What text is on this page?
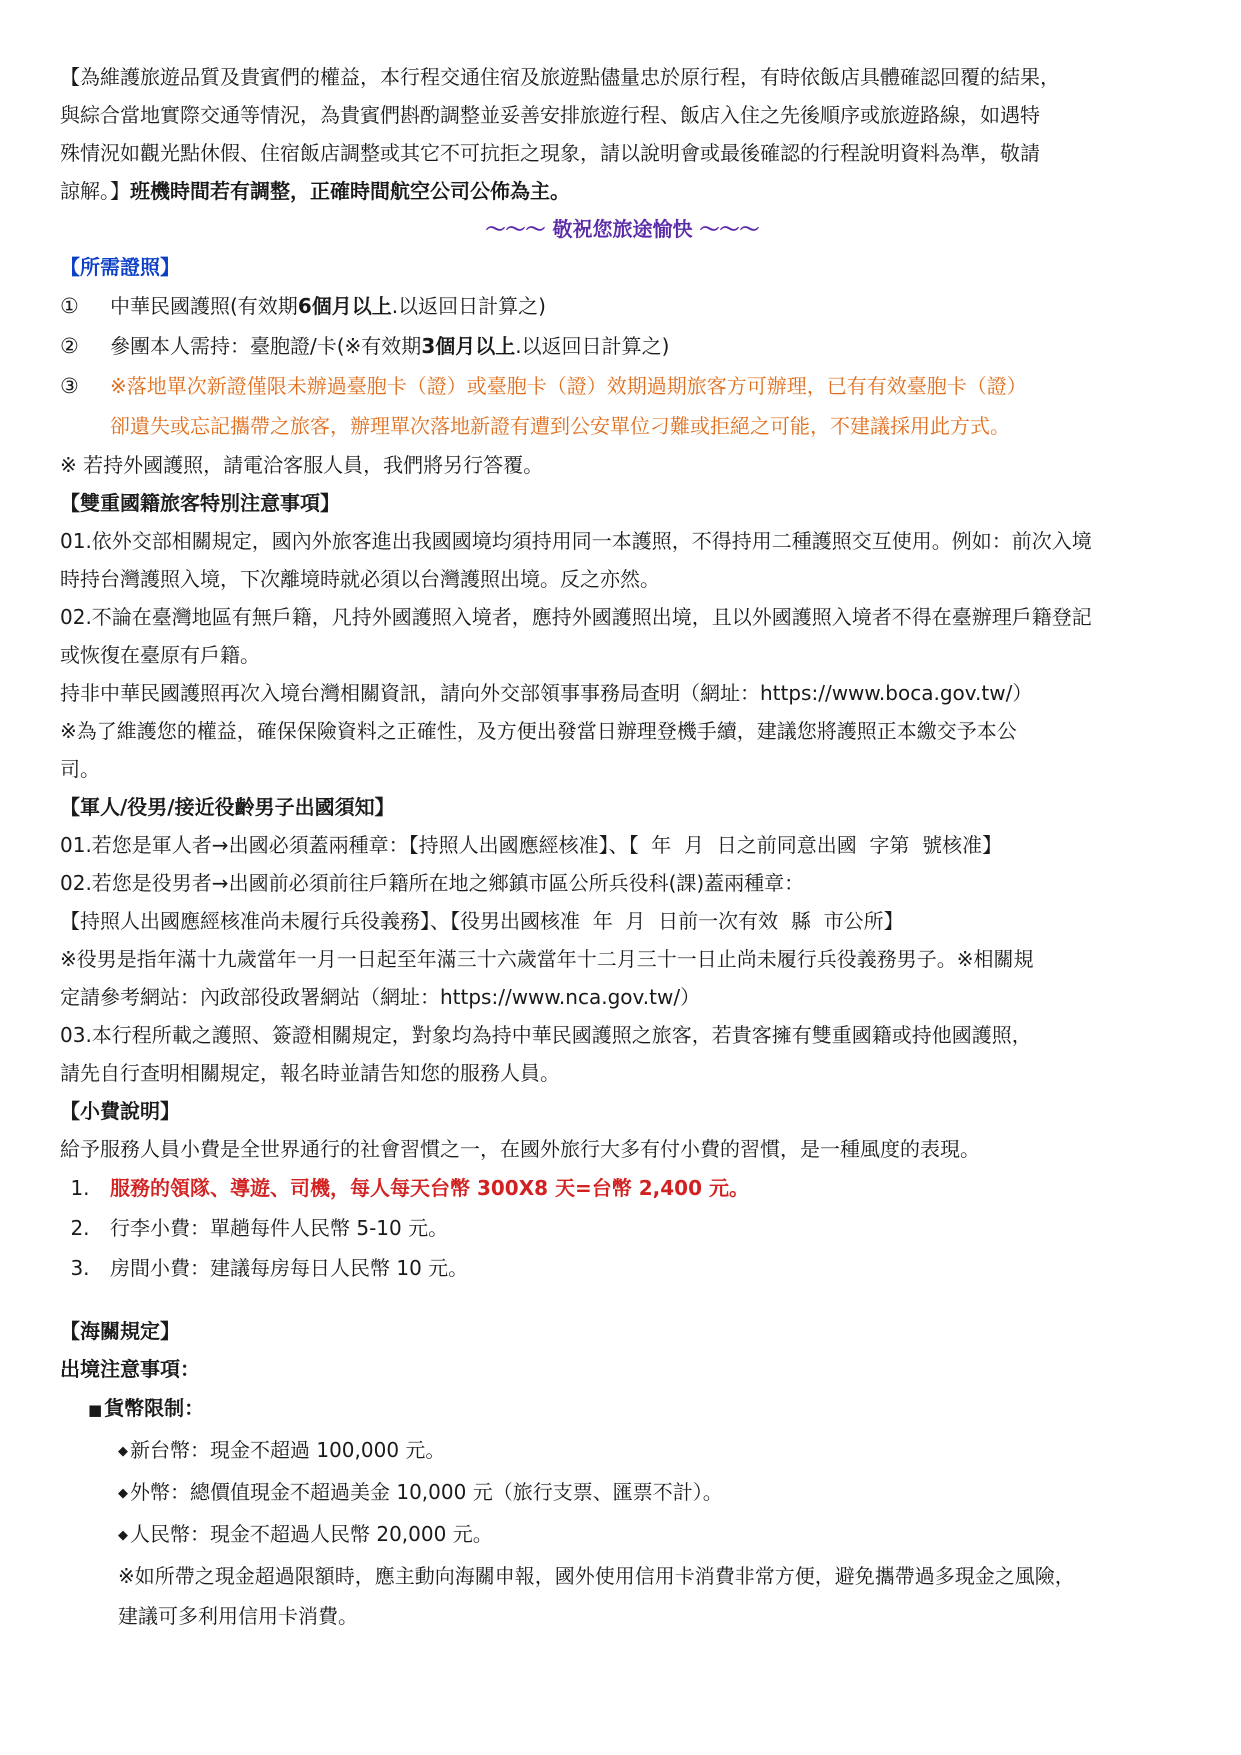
【為維護旅遊品質及貴賓們的權益，本行程交通住宿及旅遊點儘量忠於原行程，有時依飯店具體確認回覆的結果，

與綜合當地實際交通等情況，為貴賓們斟酌調整並妥善安排旅遊行程、飯店入住之先後順序或旅遊路線，如遇特

殊情況如觀光點休假、住宿飯店調整或其它不可抗拒之現象，請以說明會或最後確認的行程說明資料為準，敬請

諒解。】班機時間若有調整，正確時間航空公司公佈為主。

～～～ 敬祝您旅途愉快 ～～～

【所需證照】

①	中華民國護照(有效期6個月以上.以返回日計算之)
②	參團本人需持：臺胞證/卡(※有效期3個月以上.以返回日計算之)
③	※落地單次新證僅限未辦過臺胞卡（證）或臺胞卡（證）效期過期旅客方可辦理，已有有效臺胞卡（證）
卻遺失或忘記攜帶之旅客，辦理單次落地新證有遭到公安單位刁難或拒絕之可能，不建議採用此方式。

※ 若持外國護照，請電洽客服人員，我們將另行答覆。

【雙重國籍旅客特別注意事項】

01.依外交部相關規定，國內外旅客進出我國國境均須持用同一本護照，不得持用二種護照交互使用。例如：前次入境

時持台灣護照入境，下次離境時就必須以台灣護照出境。反之亦然。

02.不論在臺灣地區有無戶籍，凡持外國護照入境者，應持外國護照出境，且以外國護照入境者不得在臺辦理戶籍登記

或恢復在臺原有戶籍。

持非中華民國護照再次入境台灣相關資訊，請向外交部領事事務局查明（網址：https://www.boca.gov.tw/）

※為了維護您的權益，確保保險資料之正確性，及方便出發當日辦理登機手續，建議您將護照正本繳交予本公

司。

【軍人/役男/接近役齡男子出國須知】

01.若您是軍人者→出國必須蓋兩種章：【持照人出國應經核准】、【  年  月  日之前同意出國  字第  號核准】

02.若您是役男者→出國前必須前往戶籍所在地之鄉鎮市區公所兵役科(課)蓋兩種章：

【持照人出國應經核准尚未履行兵役義務】、【役男出國核准  年  月  日前一次有效  縣  市公所】

※役男是指年滿十九歲當年一月一日起至年滿三十六歲當年十二月三十一日止尚未履行兵役義務男子。※相關規

定請參考網站：內政部役政署網站（網址：https://www.nca.gov.tw/）

03.本行程所載之護照、簽證相關規定，對象均為持中華民國護照之旅客，若貴客擁有雙重國籍或持他國護照，

請先自行查明相關規定，報名時並請告知您的服務人員。

【小費說明】

給予服務人員小費是全世界通行的社會習慣之一，在國外旅行大多有付小費的習慣，是一種風度的表現。

1.	服務的領隊、導遊、司機，每人每天台幣 300X8 天=台幣 2,400 元。
2.	行李小費：單趟每件人民幣 5-10 元。
3.	房間小費：建議每房每日人民幣 10 元。

【海關規定】

出境注意事項：

■ 貨幣限制：
◆ 新台幣：現金不超過 100,000 元。
◆ 外幣：總價值現金不超過美金 10,000 元（旅行支票、匯票不計）。
◆ 人民幣：現金不超過人民幣 20,000 元。
※如所帶之現金超過限額時，應主動向海關申報，國外使用信用卡消費非常方便，避免攜帶過多現金之風險，
建議可多利用信用卡消費。
